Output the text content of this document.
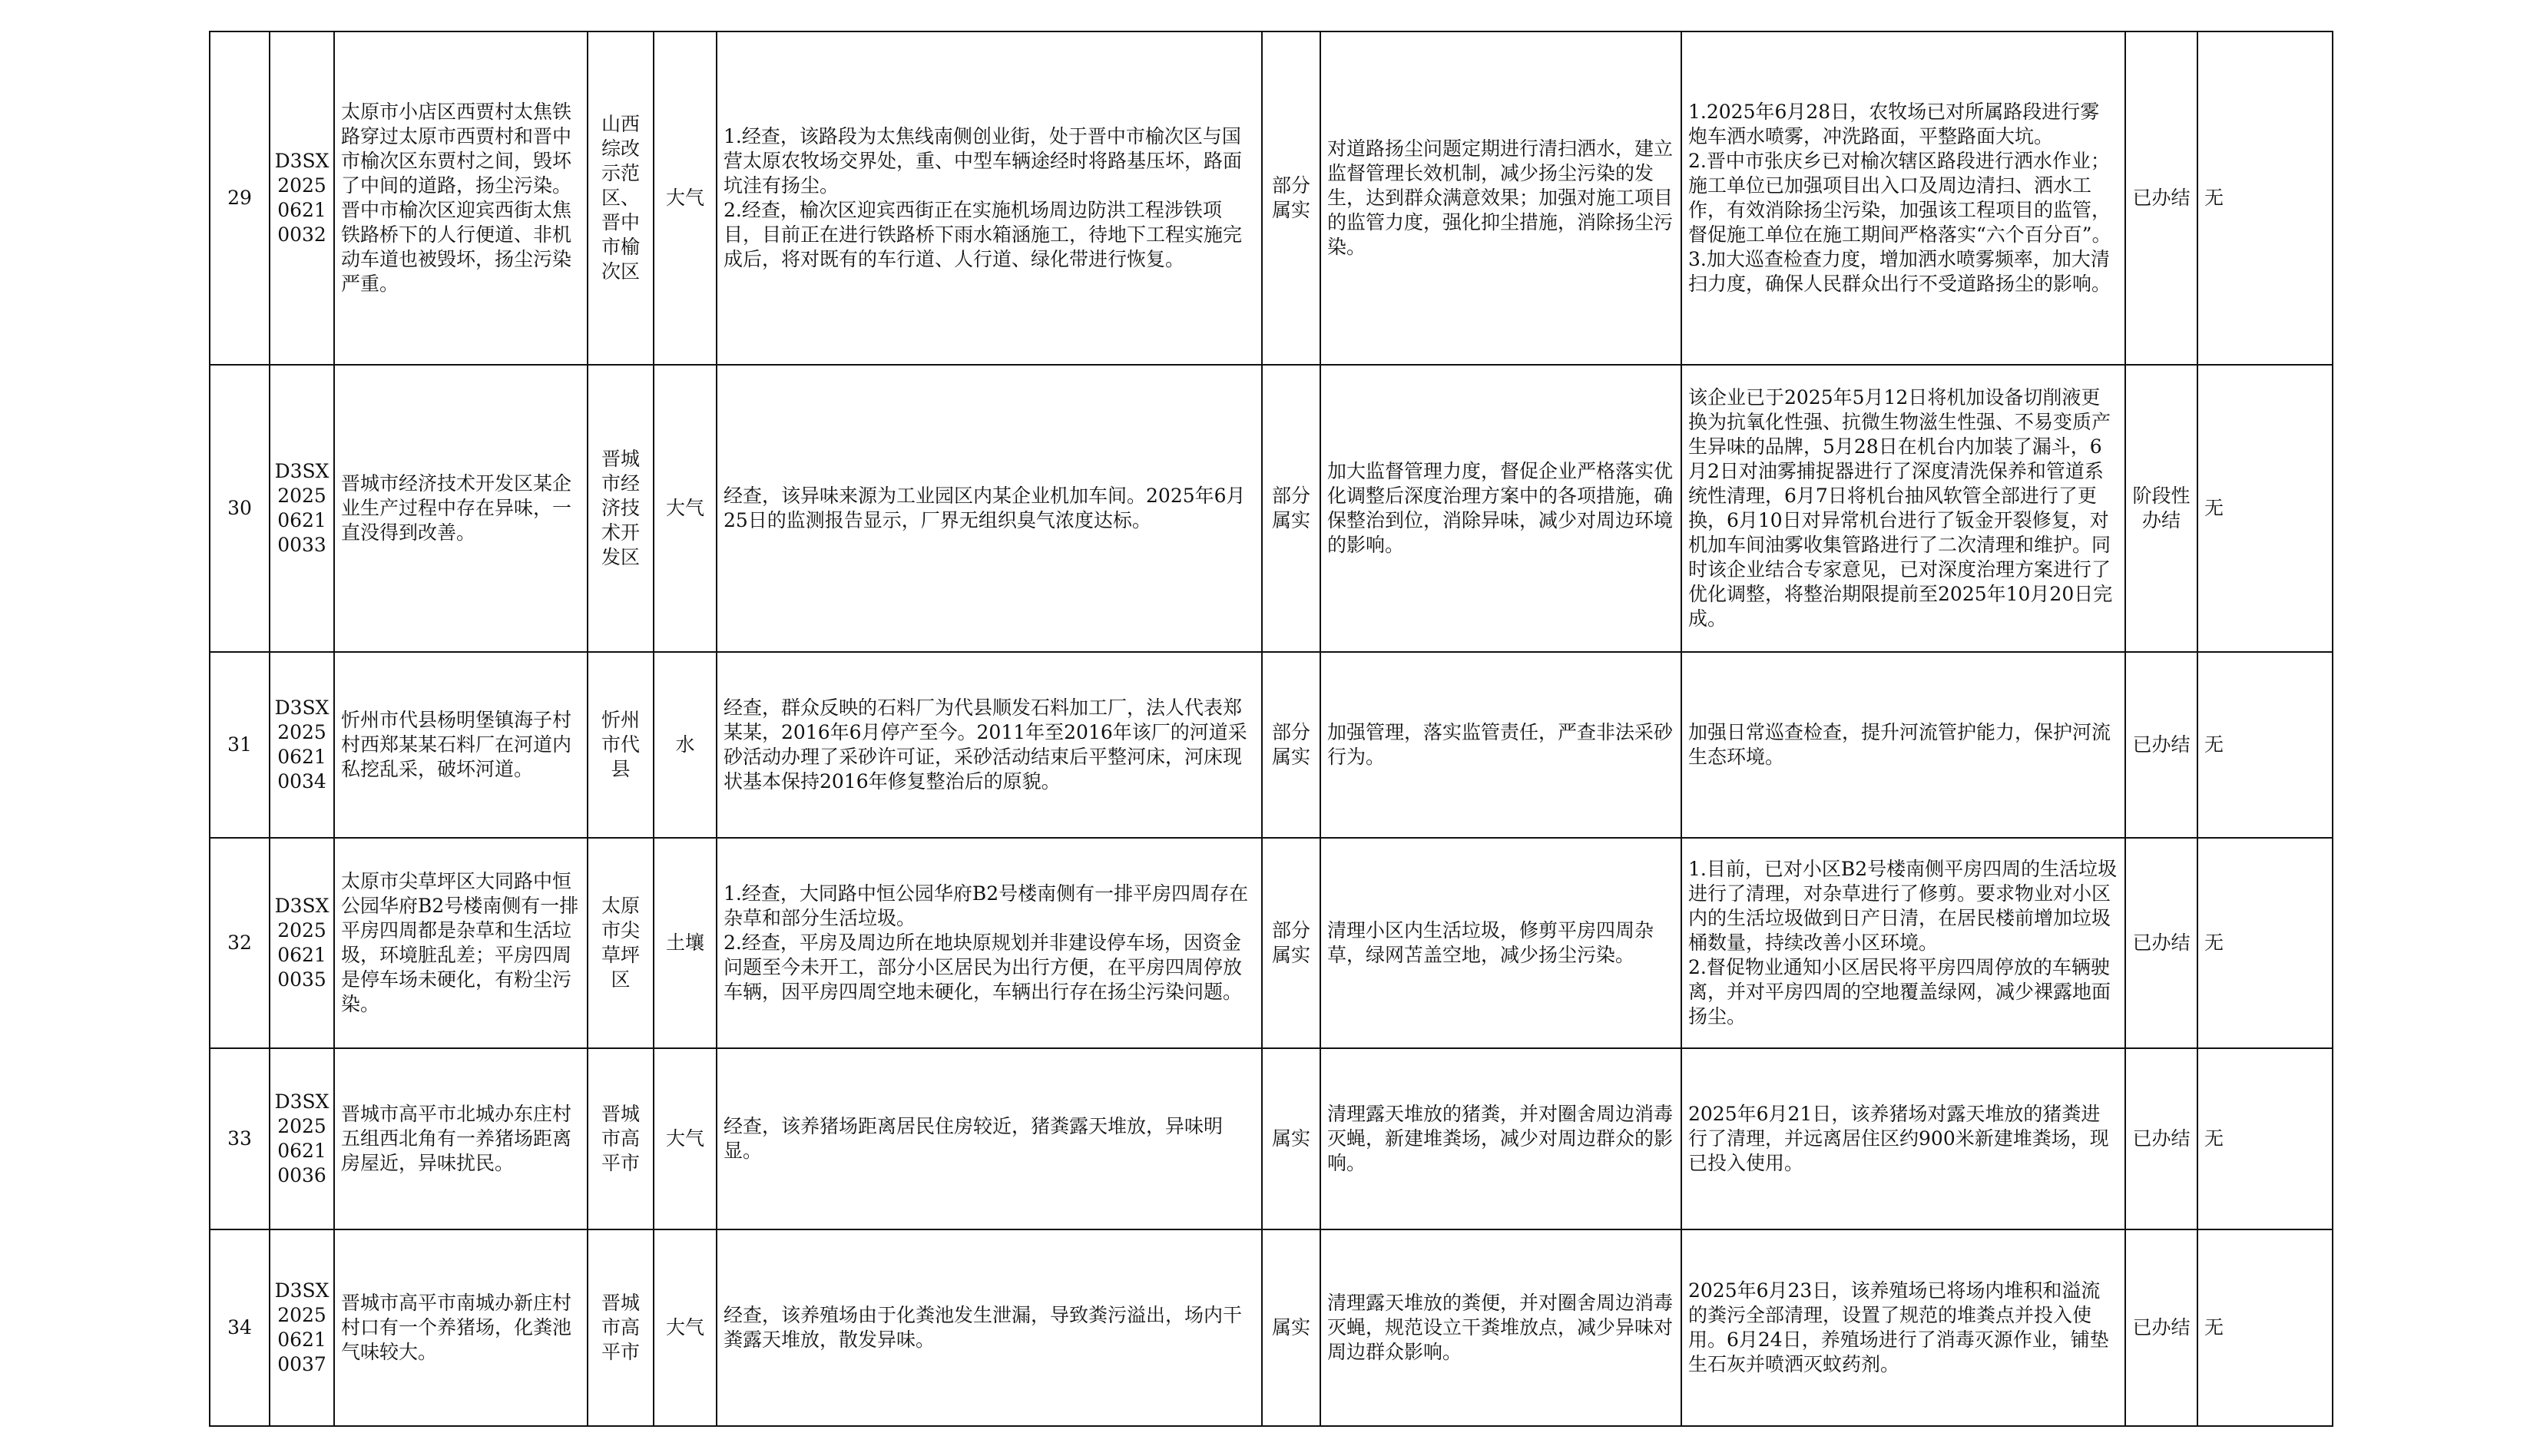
29	D3SX202506210032	太原市小店区西贾村太焦铁路穿过太原市西贾村和晋中市榆次区东贾村之间，毁坏了中间的道路，扬尘污染。晋中市榆次区迎宾西街太焦铁路桥下的人行便道、非机动车道也被毁坏，扬尘污染严重。	山西综改示范区、晋中市榆次区	大气	1.经查，该路段为太焦线南侧创业街，处于晋中市榆次区与国营太原农牧场交界处，重、中型车辆途经时将路基压坏，路面坑洼有扬尘。
2.经查，榆次区迎宾西街正在实施机场周边防洪工程涉铁项目，目前正在进行铁路桥下雨水箱涵施工，待地下工程实施完成后，将对既有的车行道、人行道、绿化带进行恢复。	部分属实	对道路扬尘问题定期进行清扫洒水，建立监督管理长效机制，减少扬尘污染的发生，达到群众满意效果；加强对施工项目的监管力度，强化抑尘措施，消除扬尘污染。	1.2025年6月28日，农牧场已对所属路段进行雾炮车洒水喷雾，冲洗路面，平整路面大坑。
2.晋中市张庆乡已对榆次辖区路段进行洒水作业；施工单位已加强项目出入口及周边清扫、洒水工作，有效消除扬尘污染，加强该工程项目的监管，督促施工单位在施工期间严格落实“六个百分百”。
3.加大巡查检查力度，增加洒水喷雾频率，加大清扫力度，确保人民群众出行不受道路扬尘的影响。	已办结	无
30	D3SX202506210033	晋城市经济技术开发区某企业生产过程中存在异味，一直没得到改善。	晋城市经济技术开发区	大气	经查，该异味来源为工业园区内某企业机加车间。2025年6月25日的监测报告显示，厂界无组织臭气浓度达标。	部分属实	加大监督管理力度，督促企业严格落实优化调整后深度治理方案中的各项措施，确保整治到位，消除异味，减少对周边环境的影响。	该企业已于2025年5月12日将机加设备切削液更换为抗氧化性强、抗微生物滋生性强、不易变质产生异味的品牌，5月28日在机台内加装了漏斗，6月2日对油雾捕捉器进行了深度清洗保养和管道系统性清理，6月7日将机台抽风软管全部进行了更换，6月10日对异常机台进行了钣金开裂修复，对机加车间油雾收集管路进行了二次清理和维护。同时该企业结合专家意见，已对深度治理方案进行了优化调整，将整治期限提前至2025年10月20日完成。	阶段性办结	无
31	D3SX202506210034	忻州市代县杨明堡镇海子村村西郑某某石料厂在河道内私挖乱采，破坏河道。	忻州市代县	水	经查，群众反映的石料厂为代县顺发石料加工厂，法人代表郑某某，2016年6月停产至今。2011年至2016年该厂的河道采砂活动办理了采砂许可证，采砂活动结束后平整河床，河床现状基本保持2016年修复整治后的原貌。	部分属实	加强管理，落实监管责任，严查非法采砂行为。	加强日常巡查检查，提升河流管护能力，保护河流生态环境。	已办结	无
32	D3SX202506210035	太原市尖草坪区大同路中恒公园华府B2号楼南侧有一排平房四周都是杂草和生活垃圾，环境脏乱差；平房四周是停车场未硬化，有粉尘污染。	太原市尖草坪区	土壤	1.经查，大同路中恒公园华府B2号楼南侧有一排平房四周存在杂草和部分生活垃圾。
2.经查，平房及周边所在地块原规划并非建设停车场，因资金问题至今未开工，部分小区居民为出行方便，在平房四周停放车辆，因平房四周空地未硬化，车辆出行存在扬尘污染问题。	部分属实	清理小区内生活垃圾，修剪平房四周杂草，绿网苫盖空地，减少扬尘污染。	1.目前，已对小区B2号楼南侧平房四周的生活垃圾进行了清理，对杂草进行了修剪。要求物业对小区内的生活垃圾做到日产日清，在居民楼前增加垃圾桶数量，持续改善小区环境。
2.督促物业通知小区居民将平房四周停放的车辆驶离，并对平房四周的空地覆盖绿网，减少裸露地面扬尘。	已办结	无
33	D3SX202506210036	晋城市高平市北城办东庄村五组西北角有一养猪场距离房屋近，异味扰民。	晋城市高平市	大气	经查，该养猪场距离居民住房较近，猪粪露天堆放，异味明显。	属实	清理露天堆放的猪粪，并对圈舍周边消毒灭蝇，新建堆粪场，减少对周边群众的影响。	2025年6月21日，该养猪场对露天堆放的猪粪进行了清理，并远离居住区约900米新建堆粪场，现已投入使用。	已办结	无
34	D3SX202506210037	晋城市高平市南城办新庄村村口有一个养猪场，化粪池气味较大。	晋城市高平市	大气	经查，该养殖场由于化粪池发生泄漏，导致粪污溢出，场内干粪露天堆放，散发异味。	属实	清理露天堆放的粪便，并对圈舍周边消毒灭蝇，规范设立干粪堆放点，减少异味对周边群众影响。	2025年6月23日，该养殖场已将场内堆积和溢流的粪污全部清理，设置了规范的堆粪点并投入使用。6月24日，养殖场进行了消毒灭源作业，铺垫生石灰并喷洒灭蚊药剂。	已办结	无
